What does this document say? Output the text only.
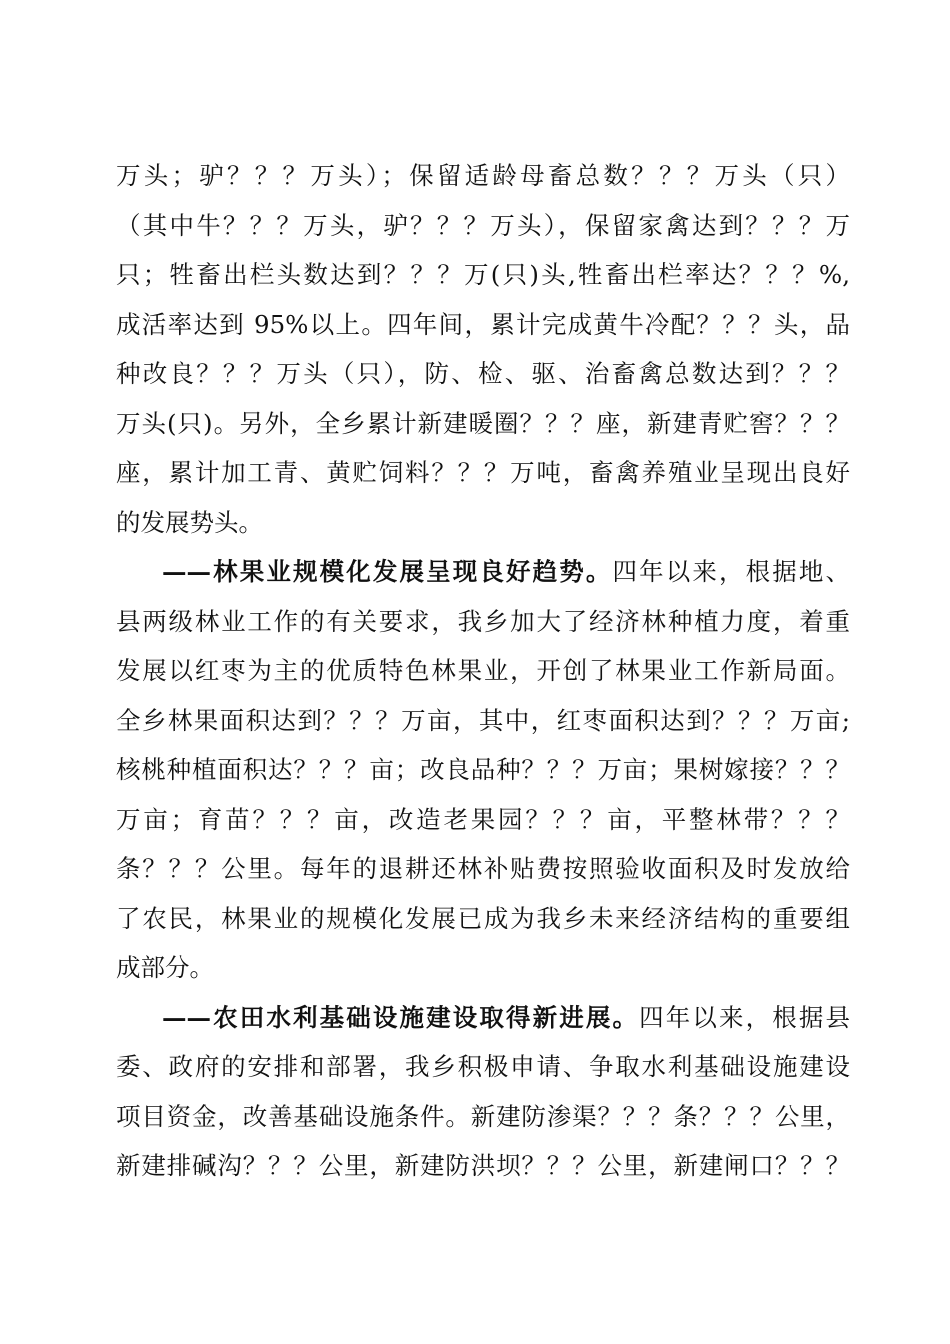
万头；驴？？？万头）；保留适龄母畜总数？？？万头（只）
（其中牛？？？万头，驴？？？万头），保留家禽达到？？？万
只；牲畜出栏头数达到？？？万(只)头,牲畜出栏率达？？？%,
成活率达到 95%以上。四年间，累计完成黄牛冷配？？？头，品
种改良？？？万头（只），防、检、驱、治畜禽总数达到？？？
万头(只)。另外，全乡累计新建暖圈？？？座，新建青贮窖？？？
座，累计加工青、黄贮饲料？？？万吨，畜禽养殖业呈现出良好
的发展势头。
——林果业规模化发展呈现良好趋势。四年以来，根据地、
县两级林业工作的有关要求，我乡加大了经济林种植力度，着重
发展以红枣为主的优质特色林果业，开创了林果业工作新局面。
全乡林果面积达到？？？万亩，其中，红枣面积达到？？？万亩;
核桃种植面积达？？？亩；改良品种？？？万亩；果树嫁接？？？
万亩；育苗？？？亩，改造老果园？？？亩，平整林带？？？
条？？？公里。每年的退耕还林补贴费按照验收面积及时发放给
了农民，林果业的规模化发展已成为我乡未来经济结构的重要组
成部分。
——农田水利基础设施建设取得新进展。四年以来，根据县
委、政府的安排和部署，我乡积极申请、争取水利基础设施建设
项目资金，改善基础设施条件。新建防渗渠？？？条？？？公里，
新建排碱沟？？？公里，新建防洪坝？？？公里，新建闸口？？？
